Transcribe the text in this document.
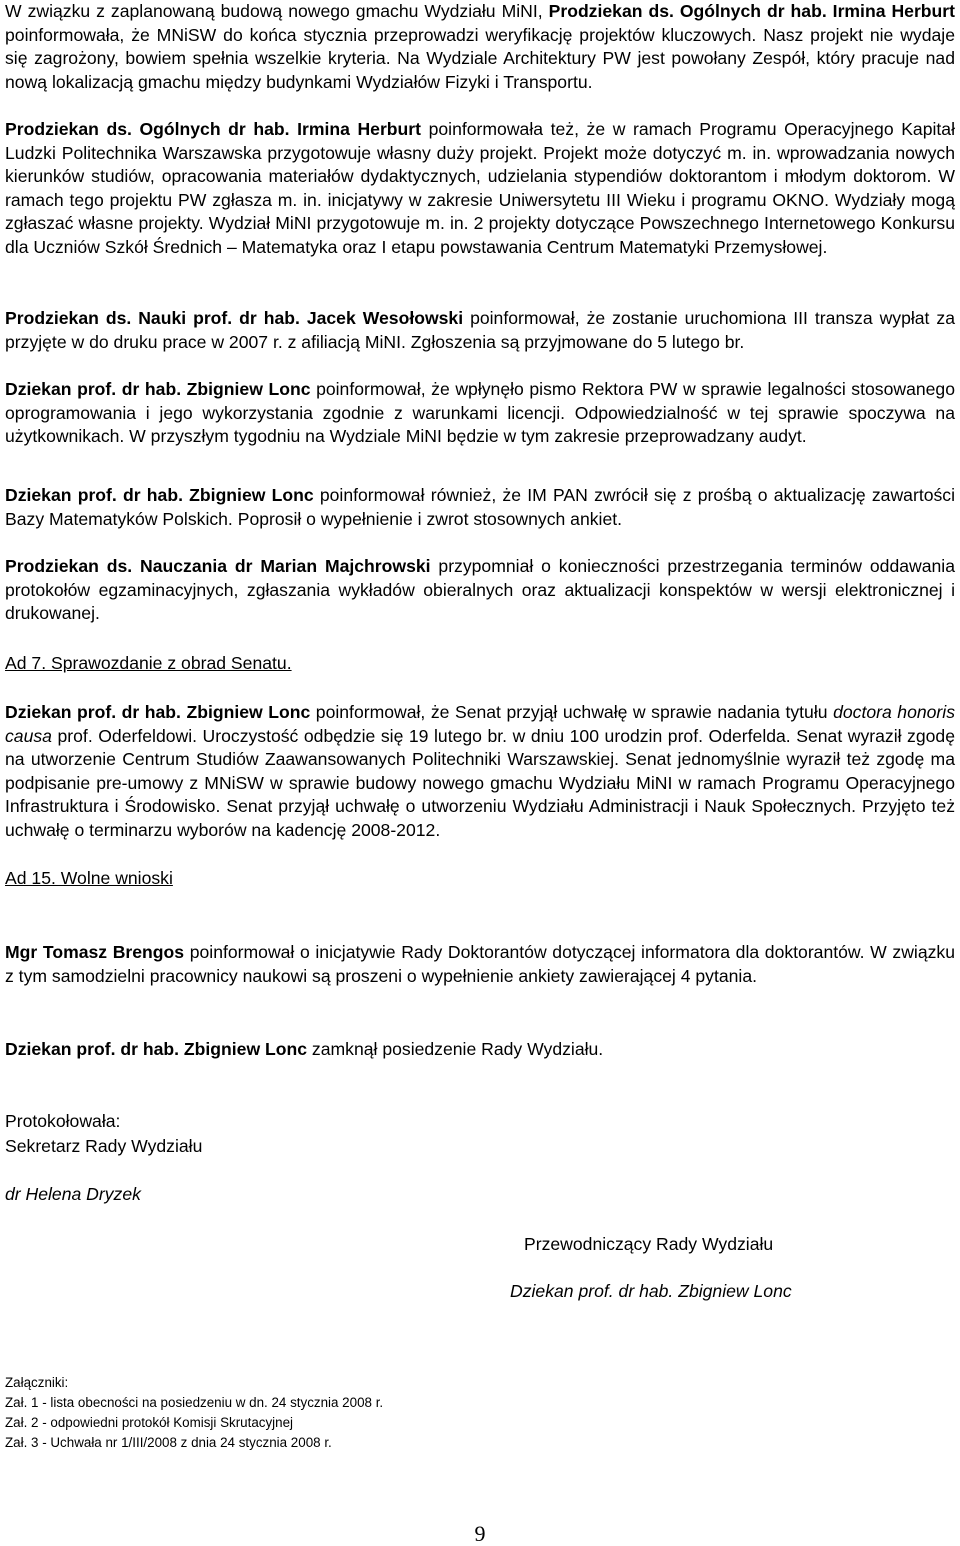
W związku z zaplanowaną budową nowego gmachu Wydziału MiNI, Prodziekan ds. Ogólnych dr hab. Irmina Herburt poinformowała, że MNiSW do końca stycznia przeprowadzi weryfikację projektów kluczowych. Nasz projekt nie wydaje się zagrożony, bowiem spełnia wszelkie kryteria. Na Wydziale Architektury PW jest powołany Zespół, który pracuje nad nową lokalizacją gmachu między budynkami Wydziałów Fizyki i Transportu.

Prodziekan ds. Ogólnych dr hab. Irmina Herburt poinformowała też, że w ramach Programu Operacyjnego Kapitał Ludzki Politechnika Warszawska przygotowuje własny duży projekt. Projekt może dotyczyć m. in. wprowadzania nowych kierunków studiów, opracowania materiałów dydaktycznych, udzielania stypendiów doktorantom i młodym doktorom. W ramach tego projektu PW zgłasza m. in. inicjatywy w zakresie Uniwersytetu III Wieku i programu OKNO. Wydziały mogą zgłaszać własne projekty. Wydział MiNI przygotowuje m. in. 2 projekty dotyczące Powszechnego Internetowego Konkursu dla Uczniów Szkół Średnich – Matematyka oraz I etapu powstawania Centrum Matematyki Przemysłowej.

Prodziekan ds. Nauki prof. dr hab. Jacek Wesołowski poinformował, że zostanie uruchomiona III transza wypłat za przyjęte w do druku prace w 2007 r. z afiliacją MiNI. Zgłoszenia są przyjmowane do 5 lutego br.

Dziekan prof. dr hab. Zbigniew Lonc poinformował, że wpłynęło pismo Rektora PW w sprawie legalności stosowanego oprogramowania i jego wykorzystania zgodnie z warunkami licencji. Odpowiedzialność w tej sprawie spoczywa na użytkownikach. W przyszłym tygodniu na Wydziale MiNI będzie w tym zakresie przeprowadzany audyt.

Dziekan prof. dr hab. Zbigniew Lonc poinformował również, że IM PAN zwrócił się z prośbą o aktualizację zawartości Bazy Matematyków Polskich. Poprosił o wypełnienie i zwrot stosownych ankiet.

Prodziekan ds. Nauczania dr Marian Majchrowski przypomniał o konieczności przestrzegania terminów oddawania protokołów egzaminacyjnych, zgłaszania wykładów obieralnych oraz aktualizacji konspektów w wersji elektronicznej i drukowanej.

Ad 7. Sprawozdanie z obrad Senatu.

Dziekan prof. dr hab. Zbigniew Lonc poinformował, że Senat przyjął uchwałę w sprawie nadania tytułu doctora honoris causa prof. Oderfeldowi. Uroczystość odbędzie się 19 lutego br. w dniu 100 urodzin prof. Oderfelda. Senat wyraził zgodę na utworzenie Centrum Studiów Zaawansowanych Politechniki Warszawskiej. Senat jednomyślnie wyraził też zgodę ma podpisanie pre-umowy z MNiSW w sprawie budowy nowego gmachu Wydziału MiNI w ramach Programu Operacyjnego Infrastruktura i Środowisko. Senat przyjął uchwałę o utworzeniu Wydziału Administracji i Nauk Społecznych. Przyjęto też uchwałę o terminarzu wyborów na kadencję 2008-2012.

Ad 15. Wolne wnioski

Mgr Tomasz Brengos poinformował o inicjatywie Rady Doktorantów dotyczącej informatora dla doktorantów. W związku z tym samodzielni pracownicy naukowi są proszeni o wypełnienie ankiety zawierającej 4 pytania.

Dziekan prof. dr hab. Zbigniew Lonc zamknął posiedzenie Rady Wydziału.

Protokołowała:
Sekretarz Rady Wydziału
dr Helena Dryzek
Przewodniczący Rady Wydziału
Dziekan prof. dr hab. Zbigniew Lonc
Załączniki:
Zał. 1 - lista obecności na posiedzeniu w dn. 24 stycznia 2008 r.
Zał. 2 - odpowiedni protokół Komisji Skrutacyjnej
Zał. 3 - Uchwała nr 1/III/2008 z dnia 24 stycznia 2008 r.
9
